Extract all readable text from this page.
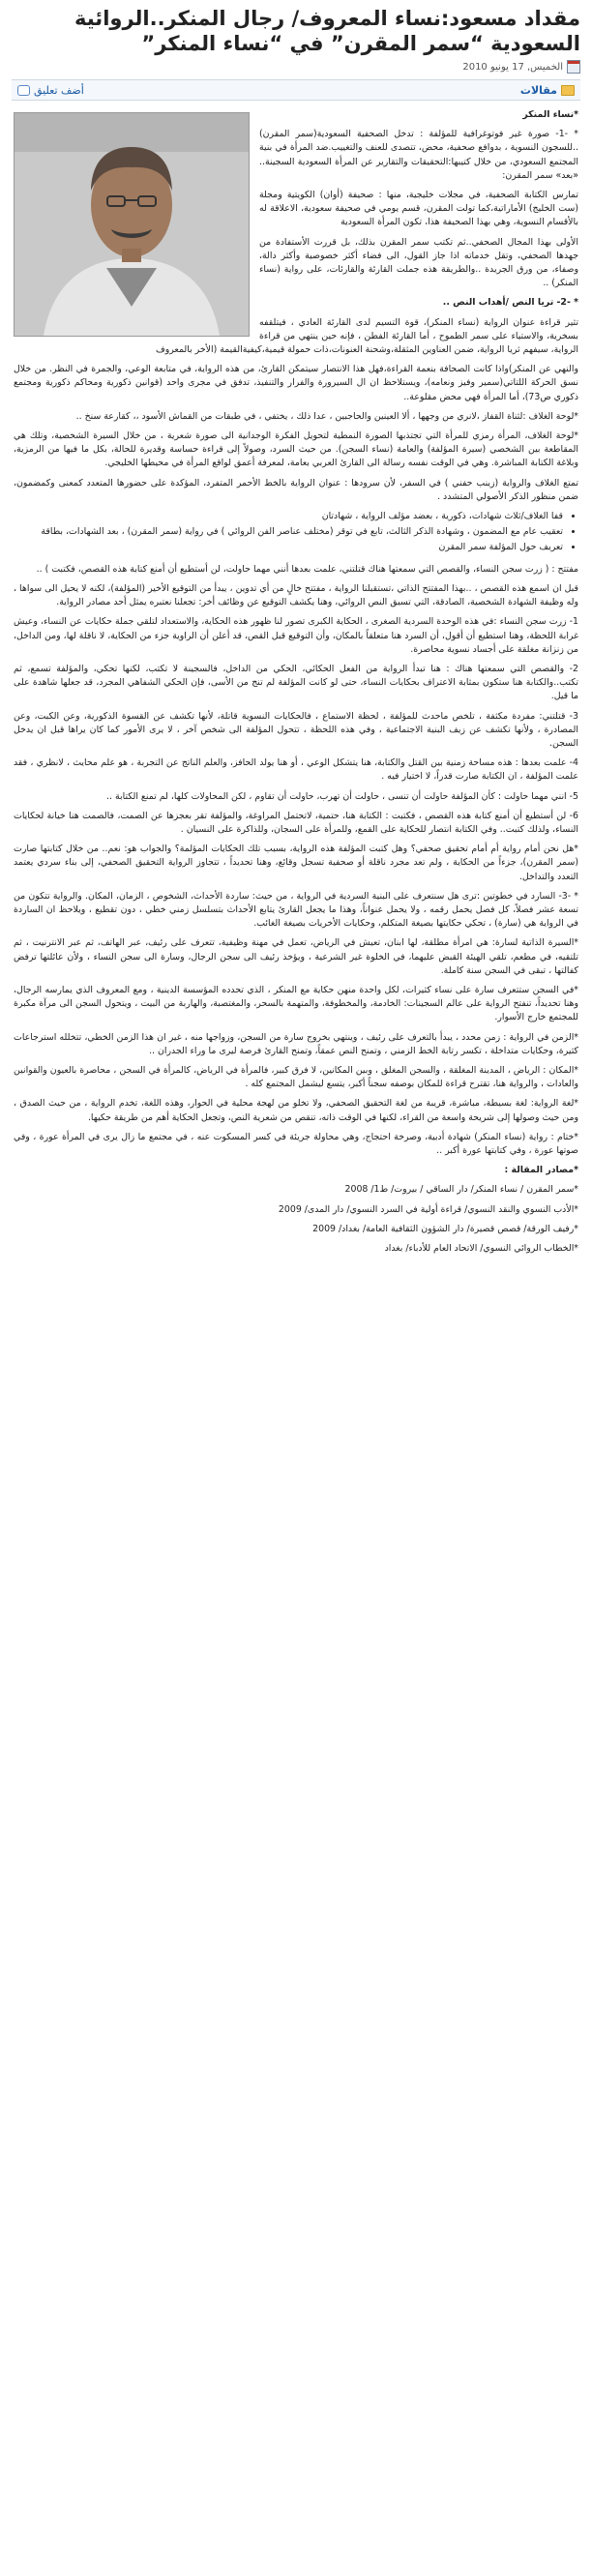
مقداد مسعود:نساء المعروف/ رجال المنكر..الروائية السعودية “سمر المقرن” في “نساء المنكر”
الخميس, 17 يونيو 2010
مقالات
أضف تعليق

*نساء المنكر

* -1- صورة غير فوتوغرافية للمؤلفة : تدخل الصحفية السعودية(سمر المقرن) ..للسجون النسوية ، بدوافع صحفية، محض، تتصدى للعنف والتغييب.ضد المرأة في بنية المجتمع السعودي، من خلال كتيبها:التحقيقات والتقارير عن المرأة السعودية السجينة.. «بعد» سمر المقرن:

تمارس الكتابة الصحفية، في مجلات خليجية، منها : صحيفة (أوان) الكويتية ومجلة (ست الخليج) الأماراتية،كما تولت المقرن، قسم يومي في صحيفة سعودية، الاعلاقة له بالأقسام النسوية، وهي بهذا الصحيفة هذا، تكون المرأة السعودية

الأولى بهذا المجال الصحفي..ثم تكتب سمر المقرن بذلك، بل قررت الأستفادة من جهدها الصحفي، وتقل خدماته اذا جاز القول، الى فضاء أكثر خصوصية وأكثر دالة، وصفاء، من ورق الجريدة ..والطريقة هذه جملت القارئة والقارئات، على رواية (نساء المنكر) ..

* -2- تريا النص /أهداب النص ..

تثير قراءة عنوان الرواية (نساء المنكر)، قوة التسيم لدى القارئة العادي ، فيتلقفه بسخرية، والاستياء على سمر الطموح ، أما القارئة الفطن ، فإنه حين ينتهي من قراءة الرواية، سيفهم ثريا الرواية، ضمن العناوين المثقلة،وشحنة العنونات،ذات حمولة قيمية،كيفيةالقيمة (الأخر بالمعروف

والنهي عن المنكر)واذا كانت الصحافة بنعمة القراءة،فهل هذا الانتصار سيتمكن القارئ، من هذه الرواية، في متابعة الوعي، والجمرة في النظر. من خلال نسق الحركة اللتاتي(سمير وفيز ونعامه)، ويستلاحظ ان ال السيرورة والفرار والتنفيذ، تدفق في مجرى واحد (قوانين ذكورية ومحاكم ذكورية ومجتمع ذكوري ص73)، أما المرأة فهي محض مقلوعة..

*لوحة الغلاف :لثناة القفاز ،لانري من وجهها ، ألا العينين والحاجبين ، عدا ذلك ، يختفي ، في طبقات من القماش الأسود ،، كقارعة سنخ ..

*لوحة الغلاف، المرأة رمزي للمرأة التي تجتذبها الصورة النمطية لتحويل الفكرة الوجدانية الى صورة شعرية ، من خلال السيرة الشخصية، وتلك هي المقاطعة بين الشخصي (سيرة المؤلفة) والعامة (نساء السجن). من حيث السرد، وصولاً إلى قراءة حساسة وقديرة للحالة، بكل ما فيها من الرمزية، وبلاغة الكتابة المباشرة. وهي في الوقت نفسه رسالة الى القارئ العربي بعامة، لمعرفة أعمق لواقع المرأة في محيطها الخليجي.

تمتع الغلاف والرواية (زينب حفني ) في السفر، لأن سرودها : عنوان الرواية بالخط الأحمر المتفرد، المؤكدة على حضورها المتعدد كمعنى وكمضمون، ضمن منظور الذكر الأصولي المتشدد .

• قفا الغلاف/ثلاث شهادات، ذكورية ، بعضد مؤلف الرواية ، شهادتان
• تعقيب عام مع المضمون ، وشهادة الذكر الثالث، تابع في توقر (مختلف عناصر الفن الروائي ) في رواية (سمر المقرن) ، بعد الشهادات، بطاقة
• تعريف حول المؤلفة سمر المقرن

مفتتح : ( زرت سجن النساء، والقصص التي سمعتها هناك قتلتني، علمت بعدها أنني مهما حاولت، لن أستطيع أن أمنع كتابة هذه القصص، فكتبت ) ..

قبل ان اسمع هذه القصص ، ..بهذا المفتتح الذاتي ،تستقبلنا الرواية ، مفتتح خالٍ من أي تدوين ، يبدأ من التوقيع الأخير (المؤلفة)، لكنه لا يحيل الى سواها ، وله وظيفة الشهادة الشخصية، الصادقة، التي تسبق النص الروائي، وهنا يكشف التوقيع عن وظائف أخر: تجعلنا نعتبره يمثل أحد مصادر الرواية.

1- زرت سجن النساء :في هذه الوحدة السردية الصغرى ، الحكاية الكبرى تصور لنا ظهور هذه الحكاية، والاستعداد لتلقي جملة حكايات عن النساء، وعيش غرابة اللحظة، وهنا استطيع أن أقول، أن السرد هنا متعلقاً بالمكان، وأن التوقيع قبل القص، قد أعلن أن الراوية جزء من الحكاية، لا ناقلة لها، ومن الداخل، من زنزانة مغلقة على أجساد نسوية محاصرة.

2- والقصص التي سمعتها هناك : هنا تبدأ الرواية من الفعل الحكائي، الحكي من الداخل، فالسجينة لا تكتب، لكنها تحكي، والمؤلفة تسمع، ثم تكتب..والكتابة هنا ستكون بمثابة الاعتراف بحكايات النساء، حتى لو كانت المؤلفة لم تنج من الأسى، فإن الحكي الشفاهي المجرد، قد جعلها شاهدة على ما قيل.

3- قتلتني: مفردة مكثفة ، تلخص ماحدث للمؤلفة ، لحظة الاستماع ، فالحكايات النسوية قاتلة، لأنها تكشف عن القسوة الذكورية، وعن الكبت، وعن المصادرة ، ولأنها تكشف عن زيف البنية الاجتماعية ، وفي هذه اللحظة ، تتحول المؤلفة الى شخص آخر ، لا يرى الأمور كما كان يراها قبل ان يدخل السجن.

4- علمت بعدها : هذه مساحة زمنية بين القتل والكتابة، هنا يتشكل الوعي ، أو هنا يولد الحافز، والعلم الناتج عن التجربة ، هو علم محايث ، لانظري ، فقد علمت المؤلفة ، ان الكتابة صارت قدراً، لا اختيار فيه .

5- انني مهما حاولت : كأن المؤلفة حاولت أن تنسى ، حاولت أن تهرب، حاولت أن تقاوم ، لكن المحاولات كلها، لم تمنع الكتابة ..

6- لن أستطيع أن أمنع كتابة هذه القصص ، فكتبت : الكتابة هنا، حتمية، لاتحتمل المراوغة، والمؤلفة تقر بعجزها عن الصمت، فالصمت هنا خيانة لحكايات النساء، ولذلك كتبت.. وفي الكتابة انتصار للحكاية على القمع، وللمرأة على السجان، وللذاكرة على النسيان .

*هل نحن أمام رواية أم أمام تحقيق صحفي؟ وهل كتبت المؤلفة هذه الرواية، بسبب تلك الحكايات المؤلمة؟ والجواب هو: نعم.. من خلال كتابتها صارت (سمر المقرن)، جزءاً من الحكاية ، ولم تعد مجرد ناقلة أو صحفية تسجل وقائع، وهنا تحديداً ، تتجاوز الرواية التحقيق الصحفي، إلى بناء سردي يعتمد التعدد والتداخل.

* -3- السارد في خطوتين :ترى هل سنتعرف على البنية السردية في الرواية ، من حيث: ساردة الأحداث، الشخوص ، الزمان، المكان. والرواية تتكون من تسعة عشر فصلاً، كل فصل يحمل رقمه ، ولا يحمل عنواناً، وهذا ما يجعل القارئ يتابع الأحداث بتسلسل زمني خطي ، دون تقطيع ، ويلاحظ ان الساردة في الرواية هي (سارة) ، تحكي حكايتها بصيغة المتكلم، وحكايات الأخريات بصيغة الغائب.

*السيرة الذاتية لسارة: هي امرأة مطلقة، لها ابنان، تعيش في الرياض، تعمل في مهنة وظيفية، تتعرف على رئيف، عبر الهاتف، ثم عبر الانترنيت ، ثم تلتقيه، في مطعم، تلقي الهيئة القبض عليهما، في الخلوة غير الشرعية ، ويؤخذ رئيف الى سجن الرجال، وسارة الى سجن النساء ، ولأن عائلتها ترفض كفالتها ، تبقى في السجن سنة كاملة.

*في السجن ستتعرف سارة على نساء كثيرات، لكل واحدة منهن حكاية مع المنكر ، الذي تحدده المؤسسة الدينية ، ومع المعروف الذي يمارسه الرجال، وهنا تحديداً، تنفتح الرواية على عالم السجينات: الخادمة، والمخطوفة، والمتهمة بالسحر، والمغتصبة، والهاربة من البيت ، ويتحول السجن الى مرآة مكبرة للمجتمع خارج الأسوار.

*الزمن في الرواية : زمن محدد ، يبدأ بالتعرف على رئيف ، وينتهي بخروج سارة من السجن، وزواجها منه ، غير ان هذا الزمن الخطي، تتخلله استرجاعات كثيرة، وحكايات متداخلة ، تكسر رتابة الخط الزمني ، وتمنح النص عمقاً، وتمنح القارئ فرصة ليرى ما وراء الجدران ..

*المكان : الرياض ، المدينة المغلقة ، والسجن المغلق ، وبين المكانين، لا فرق كبير، فالمرأة في الرياض، كالمرأة في السجن ، محاصرة بالعيون والقوانين والعادات ، والرواية هنا، تقترح قراءة للمكان بوصفه سجناً أكبر، يتسع ليشمل المجتمع كله .

*لغة الرواية: لغة بسيطة، مباشرة، قريبة من لغة التحقيق الصحفي، ولا تخلو من لهجة محلية في الحوار، وهذه اللغة، تخدم الرواية ، من حيث الصدق ، ومن حيث وصولها إلى شريحة واسعة من القراء، لكنها في الوقت ذاته، تنقص من شعرية النص، وتجعل الحكاية أهم من طريقة حكيها.

*ختام : رواية (نساء المنكر) شهادة أدبية، وصرخة احتجاج، وهي محاولة جريئة في كسر المسكوت عنه ، في مجتمع ما زال يرى في المرأة عورة ، وفي صوتها عورة ، وفي كتابتها عورة أكبر ..

*مصادر المقالة :

*سمر المقرن / نساء المنكر/ دار الساقي / بيروت/ ط1/ 2008

*الأدب النسوي والنقد النسوي/ قراءة أولية في السرد النسوي/ دار المدى/ 2009

*رفيف الورقة/ قصص قصيرة/ دار الشؤون الثقافية العامة/ بغداد/ 2009

*الخطاب الروائي النسوي/ الاتحاد العام للأدباء/ بغداد
